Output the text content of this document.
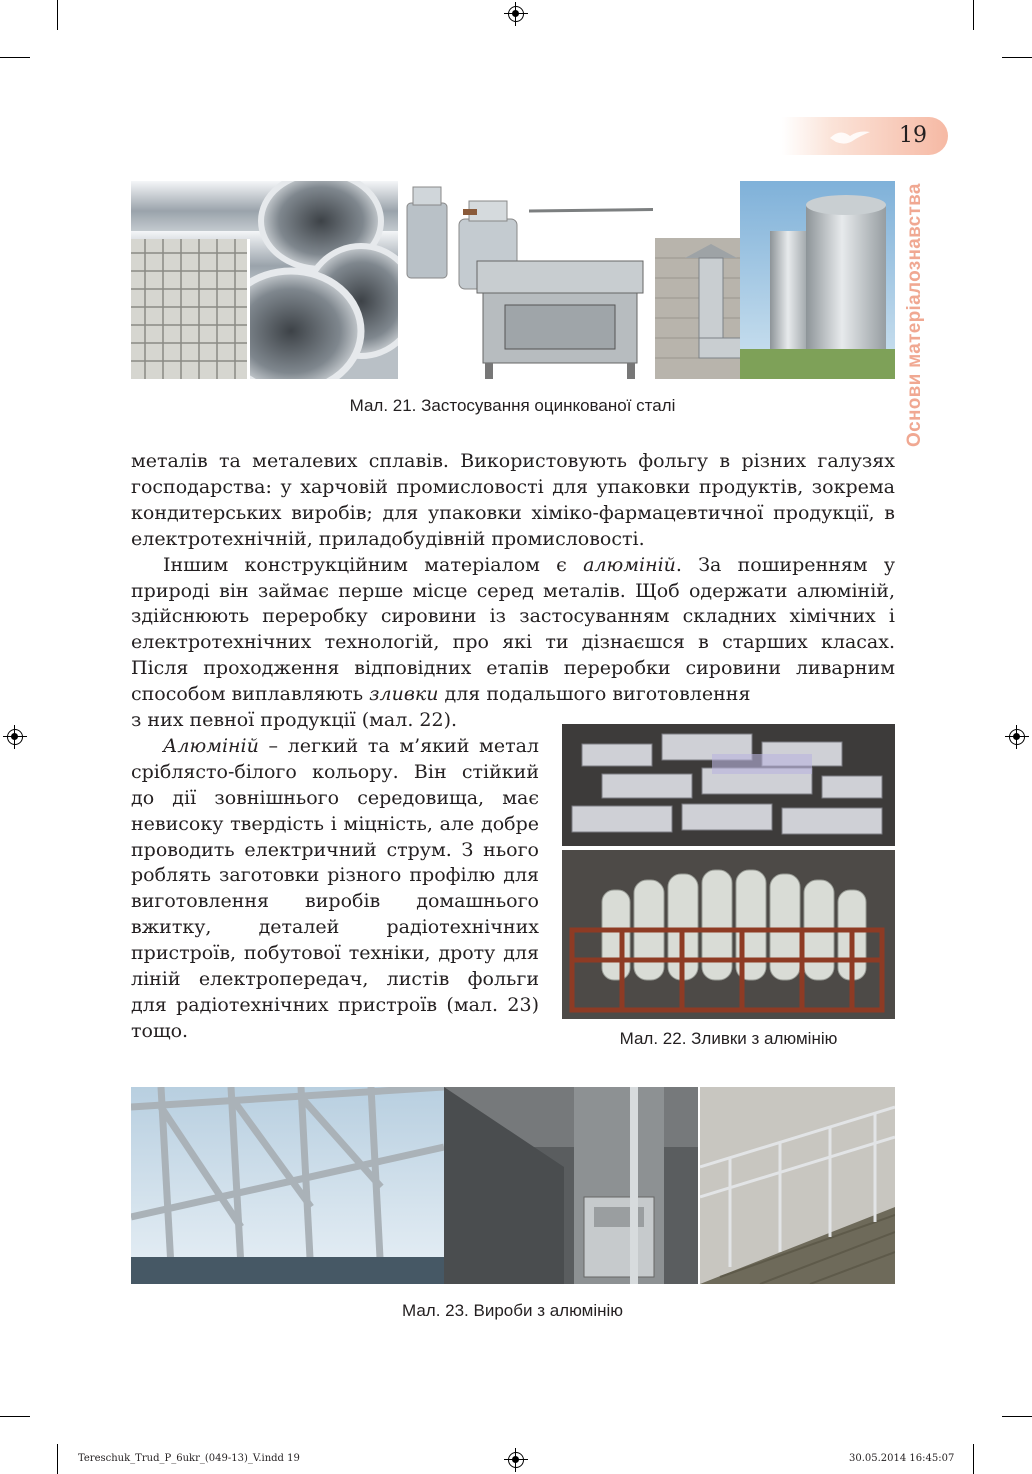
19
Основи матеріалознавства
Мал. 21. Застосування оцинкованої сталі

металів та металевих сплавів. Використовують фольгу в різних галузях господарства: у харчовій промисловості для упаковки продуктів, зокрема кондитерських виробів; для упаковки хіміко-фармацевтичної продукції, в електротехнічній, приладобудівній промисловості.

Іншим конструкційним матеріалом є алюміній. За поширенням у природі він займає перше місце серед металів. Щоб одержати алюміній, здійснюють переробку сировини із застосуванням складних хімічних і електротехнічних технологій, про які ти дізнаєшся в старших класах. Після проходження відповідних етапів переробки сировини ливарним способом виплавляють зливки для подальшого виготовлення

з них певної продукції (мал. 22).

Алюміній – легкий та м’який метал сріблясто-білого кольору. Він стійкий до дії зовнішнього середовища, має невисоку твердість і міцність, але добре проводить електричний струм. З нього роблять заготовки різного профілю для виготовлення виробів домашнього вжитку, деталей радіотехнічних пристроїв, побутової техніки, дроту для ліній електропередач, листів фольги для радіотехнічних пристроїв (мал. 23) тощо.	Мал. 22. Зливки з алюмінію
Мал. 23. Вироби з алюмінію
Tereschuk_Trud_P_6ukr_(049-13)_V.indd 19	30.05.2014 16:45:07
